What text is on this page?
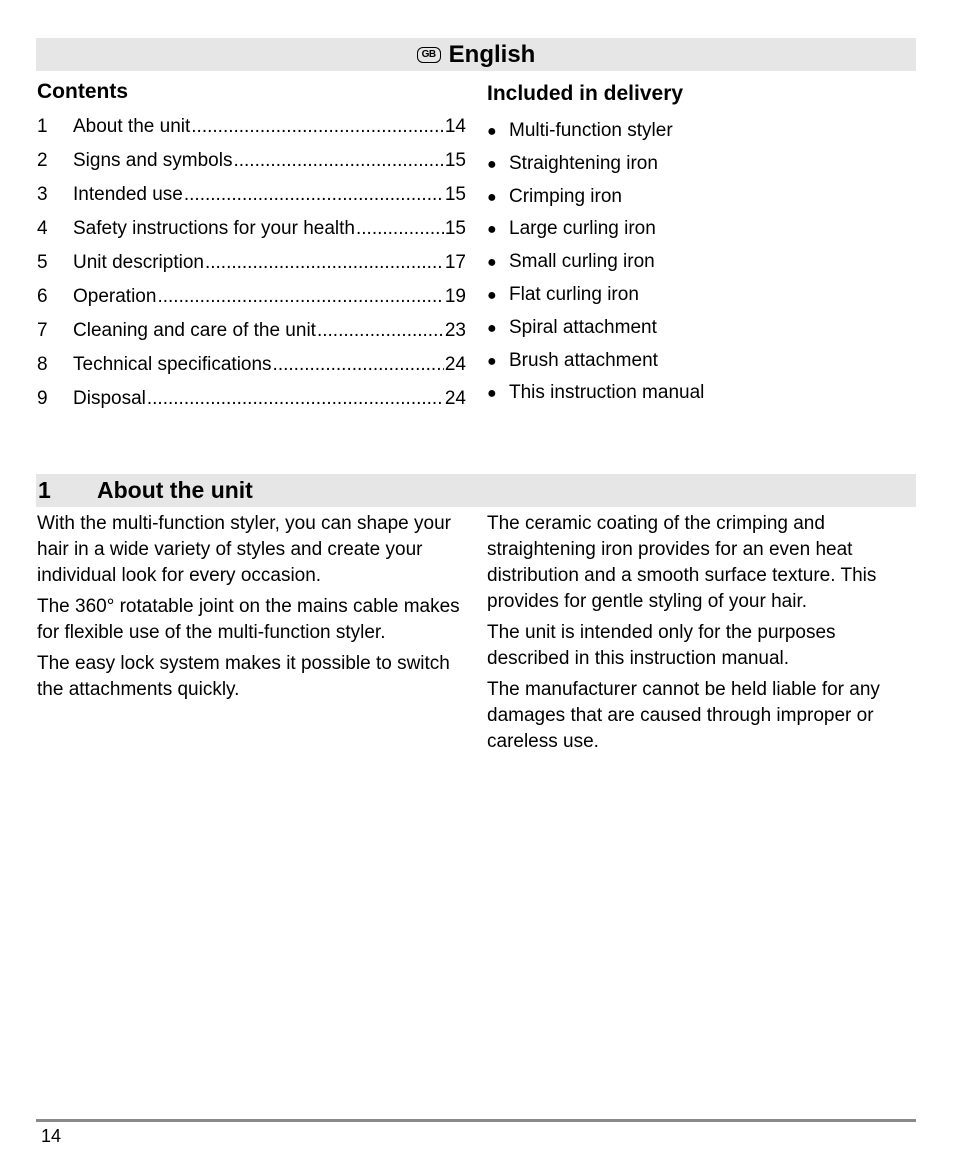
GB English
Contents	Included in delivery
1	About the unit .....	14
2	Signs and symbols .....	15
3	Intended use .....	15
4	Safety instructions for your health .....	15
5	Unit description .....	17
6	Operation .....	19
7	Cleaning and care of the unit .....	23
8	Technical specifications .....	24
9	Disposal .....	24
● Multi-function styler
● Straightening iron
● Crimping iron
● Large curling iron
● Small curling iron
● Flat curling iron
● Spiral attachment
● Brush attachment
● This instruction manual
1	About the unit

With the multi-function styler, you can shape your hair in a wide variety of styles and create your individual look for every occasion.

The 360° rotatable joint on the mains cable makes for flexible use of the multi-function styler.

The easy lock system makes it possible to switch the attachments quickly.

The ceramic coating of the crimping and straightening iron provides for an even heat distribution and a smooth surface texture. This provides for gentle styling of your hair.

The unit is intended only for the purposes described in this instruction manual.

The manufacturer cannot be held liable for any damages that are caused through improper or careless use.

14
